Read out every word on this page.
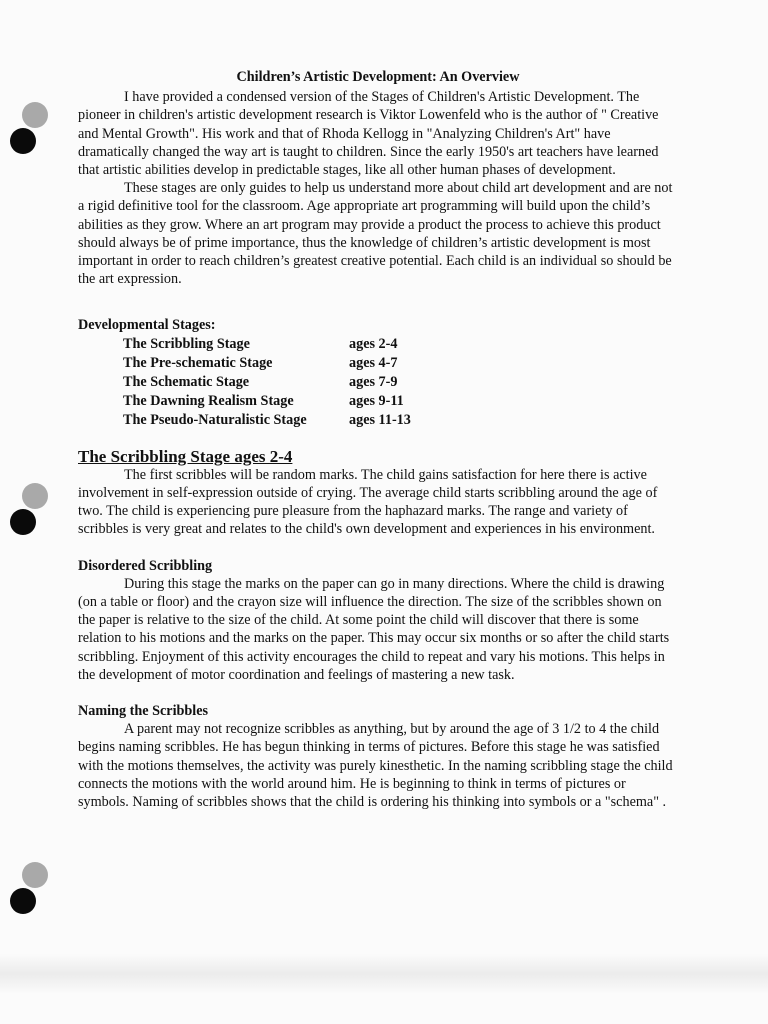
Children’s Artistic Development: An Overview

I have provided a condensed version of the Stages of Children's Artistic Development. The pioneer in children's artistic development research is Viktor Lowenfeld who is the author of " Creative and Mental Growth". His work and that of Rhoda Kellogg in "Analyzing Children's Art" have dramatically changed the way art is taught to children. Since the early 1950's art teachers have learned that artistic abilities develop in predictable stages, like all other human phases of development.

These stages are only guides to help us understand more about child art development and are not a rigid definitive tool for the classroom. Age appropriate art programming will build upon the child’s abilities as they grow. Where an art program may provide a product the process to achieve this product should always be of prime importance, thus the knowledge of children’s artistic development is most important in order to reach children’s greatest creative potential. Each child is an individual so should be the art expression.

Developmental Stages:
The Scribbling Stage	ages 2-4
The Pre-schematic Stage	ages 4-7
The Schematic Stage	ages 7-9
The Dawning Realism Stage	ages 9-11
The Pseudo-Naturalistic Stage	ages 11-13
The Scribbling Stage ages 2-4

The first scribbles will be random marks. The child gains satisfaction for here there is active involvement in self-expression outside of crying. The average child starts scribbling around the age of two. The child is experiencing pure pleasure from the haphazard marks. The range and variety of scribbles is very great and relates to the child's own development and experiences in his environment.

Disordered Scribbling

During this stage the marks on the paper can go in many directions. Where the child is drawing (on a table or floor) and the crayon size will influence the direction. The size of the scribbles shown on the paper is relative to the size of the child. At some point the child will discover that there is some relation to his motions and the marks on the paper. This may occur six months or so after the child starts scribbling. Enjoyment of this activity encourages the child to repeat and vary his motions. This helps in the development of motor coordination and feelings of mastering a new task.

Naming the Scribbles

A parent may not recognize scribbles as anything, but by around the age of 3 1/2 to 4 the child begins naming scribbles. He has begun thinking in terms of pictures. Before this stage he was satisfied with the motions themselves, the activity was purely kinesthetic. In the naming scribbling stage the child connects the motions with the world around him. He is beginning to think in terms of pictures or symbols. Naming of scribbles shows that the child is ordering his thinking into symbols or a "schema" .
